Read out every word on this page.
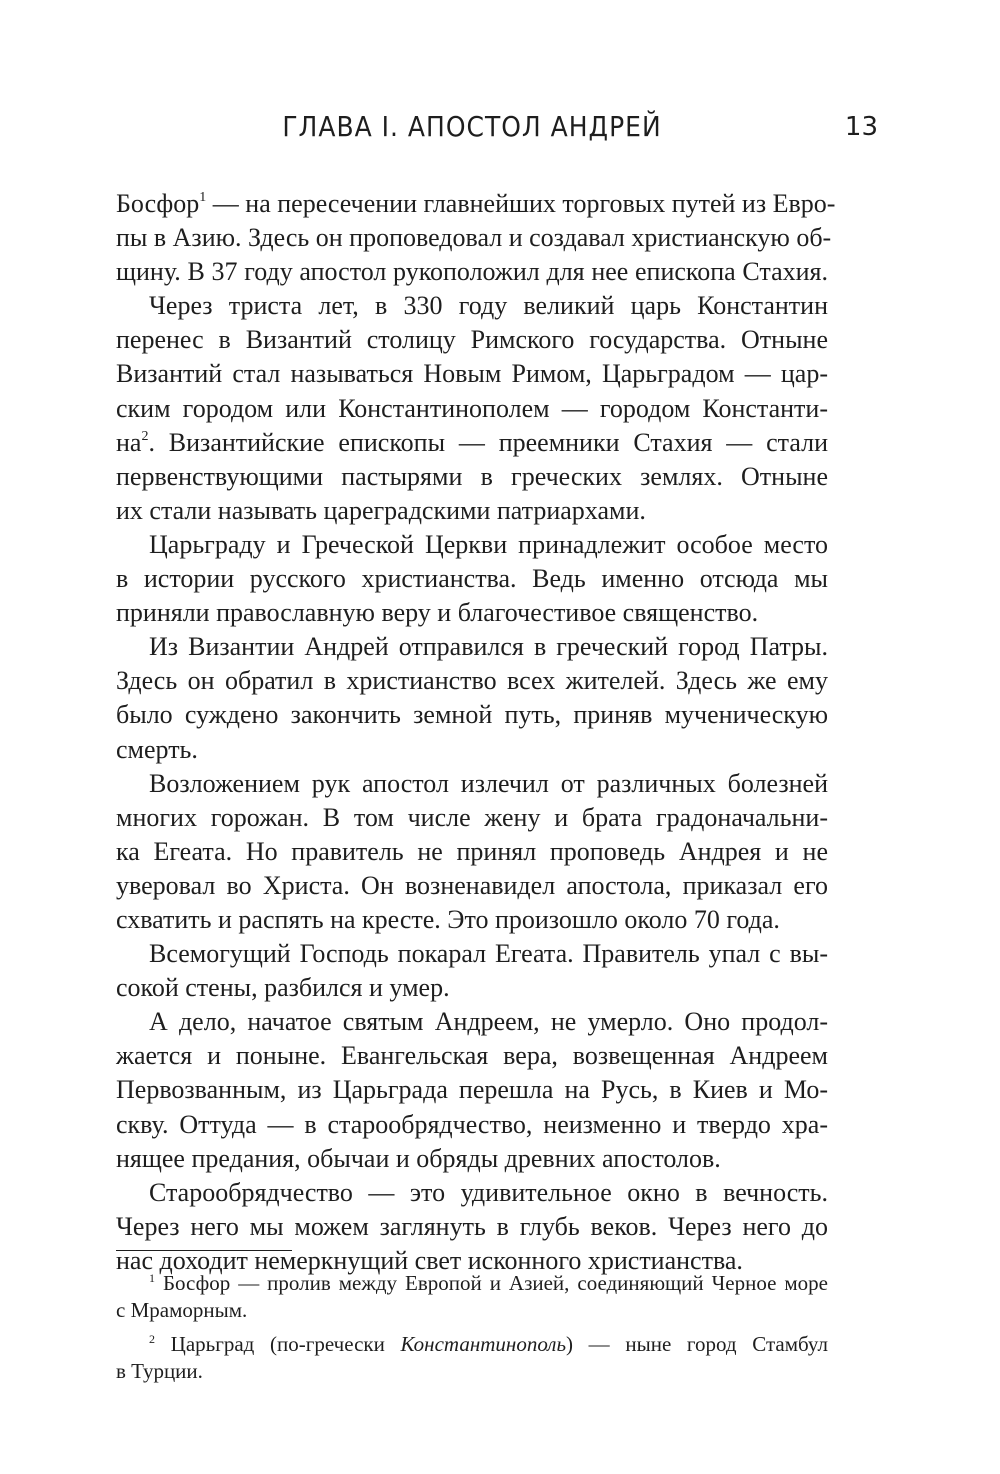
ГЛАВА I. АПОСТОЛ АНДРЕЙ	13
Босфор$^1$ — на пересечении главнейших торговых путей из Евро-
пы в Азию. Здесь он проповедовал и создавал христианскую об-
щину. В 37 году апостол рукоположил для нее епископа Стахия.
Через триста лет, в 330 году великий царь Константин
перенес в Византий столицу Римского государства. Отныне
Византий стал называться Новым Римом, Царьградом — цар-
ским городом или Константинополем — городом Константи-
$на^2$. Византийские епископы — преемники Стахия — стали
первенствующими пастырями в греческих землях. Отныне
их стали называть цареградскими патриархами.
Царьграду и Греческой Церкви принадлежит особое место
в истории русского христианства. Ведь именно отсюда мы
приняли православную веру и благочестивое священство.
Из Византии Андрей отправился в греческий город Патры.
Здесь он обратил в христианство всех жителей. Здесь же ему
было суждено закончить земной путь, приняв мученическую
смерть.
Возложением рук апостол излечил от различных болезней
многих горожан. В том числе жену и брата градоначальни-
ка Егеата. Но правитель не принял проповедь Андрея и не
уверовал во Христа. Он возненавидел апостола, приказал его
схватить и распять на кресте. Это произошло около 70 года.
Всемогущий Господь покарал Егеата. Правитель упал с вы-
сокой стены, разбился и умер.
А дело, начатое святым Андреем, не умерло. Оно продол-
жается и поныне. Евангельская вера, возвещенная Андреем
Первозванным, из Царьграда перешла на Русь, в Киев и Мо-
скву. Оттуда — в старообрядчество, неизменно и твердо хра-
нящее предания, обычаи и обряды древних апостолов.
Старообрядчество — это удивительное окно в вечность.
Через него мы можем заглянуть в глубь веков. Через него до
нас доходит немеркнущий свет исконного христианства.
$^1$ Босфор — пролив между Европой и Азией, соединяющий Черное море
с Мраморным.
$^2$ Царьград (по-гречески Константинополь) — ныне город Стамбул
в Турции.
